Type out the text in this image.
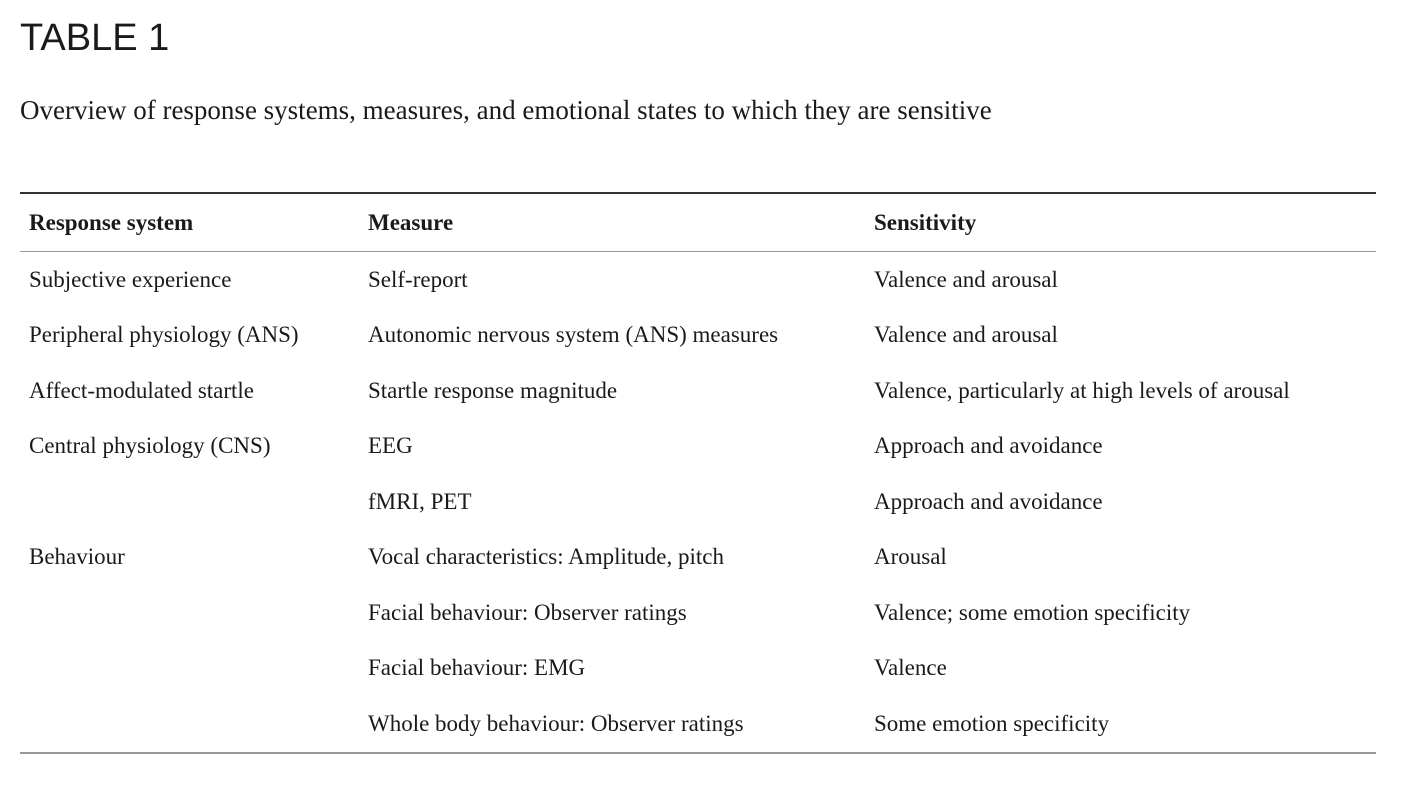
TABLE 1

Overview of response systems, measures, and emotional states to which they are sensitive

Response system	Measure	Sensitivity
Subjective experience	Self-report	Valence and arousal
Peripheral physiology (ANS)	Autonomic nervous system (ANS) measures	Valence and arousal
Affect-modulated startle	Startle response magnitude	Valence, particularly at high levels of arousal
Central physiology (CNS)	EEG	Approach and avoidance
	fMRI, PET	Approach and avoidance
Behaviour	Vocal characteristics: Amplitude, pitch	Arousal
	Facial behaviour: Observer ratings	Valence; some emotion specificity
	Facial behaviour: EMG	Valence
	Whole body behaviour: Observer ratings	Some emotion specificity
